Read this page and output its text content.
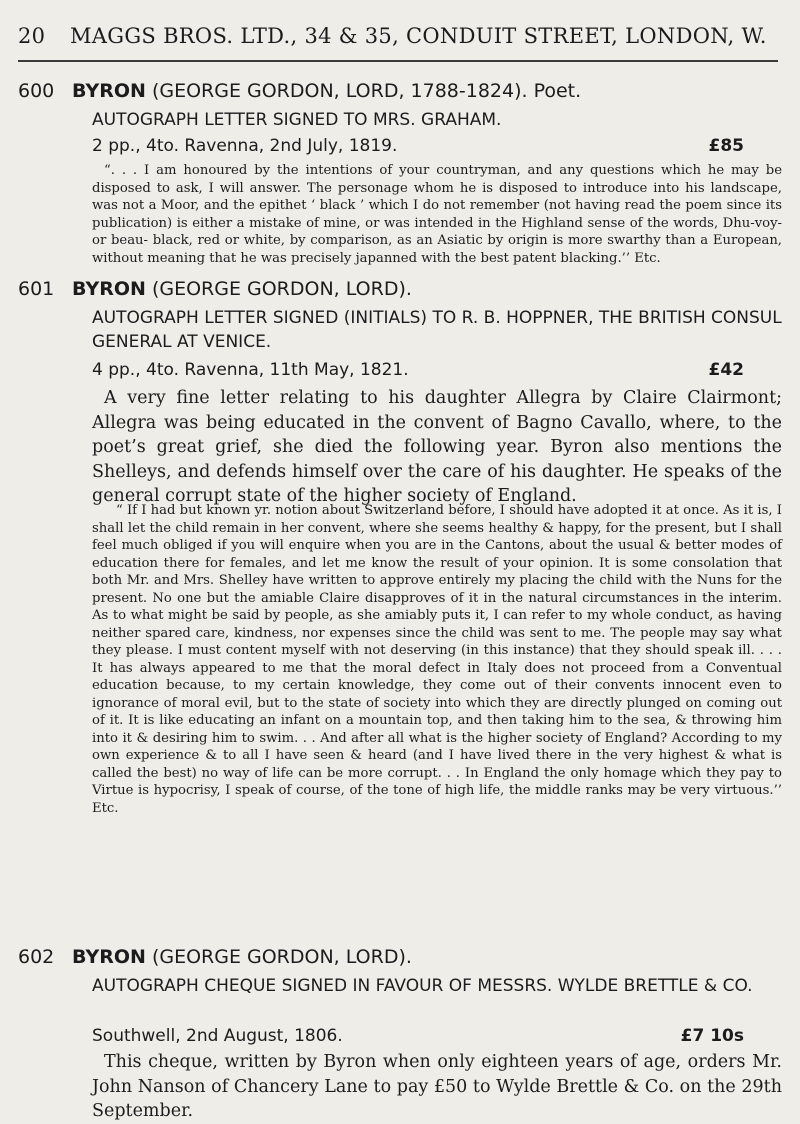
20	MAGGS BROS. LTD., 34 & 35, CONDUIT STREET, LONDON, W.
600 BYRON (GEORGE GORDON, LORD, 1788-1824). Poet.
AUTOGRAPH LETTER SIGNED TO MRS. GRAHAM.
2 pp., 4to. Ravenna, 2nd July, 1819.	£85
“. . . I am honoured by the intentions of your countryman, and any questions which he may be disposed to ask, I will answer. The personage whom he is disposed to introduce into his landscape, was not a Moor, and the epithet ‘ black ’ which I do not remember (not having read the poem since its publication) is either a mistake of mine, or was intended in the Highland sense of the words, Dhu-voy- or beau- black, red or white, by comparison, as an Asiatic by origin is more swarthy than a European, without meaning that he was precisely japanned with the best patent blacking.’’ Etc.
601 BYRON (GEORGE GORDON, LORD).
AUTOGRAPH LETTER SIGNED (INITIALS) TO R. B. HOPPNER, THE BRITISH CONSUL GENERAL AT VENICE.
4 pp., 4to. Ravenna, 11th May, 1821.	£42
A very fine letter relating to his daughter Allegra by Claire Clairmont; Allegra was being educated in the convent of Bagno Cavallo, where, to the poet’s great grief, she died the following year. Byron also mentions the Shelleys, and defends himself over the care of his daughter. He speaks of the general corrupt state of the higher society of England.
“ If I had but known yr. notion about Switzerland before, I should have adopted it at once. As it is, I shall let the child remain in her convent, where she seems healthy & happy, for the present, but I shall feel much obliged if you will enquire when you are in the Cantons, about the usual & better modes of education there for females, and let me know the result of your opinion. It is some consolation that both Mr. and Mrs. Shelley have written to approve entirely my placing the child with the Nuns for the present. No one but the amiable Claire disapproves of it in the natural circumstances in the interim. As to what might be said by people, as she amiably puts it, I can refer to my whole conduct, as having neither spared care, kindness, nor expenses since the child was sent to me. The people may say what they please. I must content myself with not deserving (in this instance) that they should speak ill. . . . It has always appeared to me that the moral defect in Italy does not proceed from a Conventual education because, to my certain knowledge, they come out of their convents innocent even to ignorance of moral evil, but to the state of society into which they are directly plunged on coming out of it. It is like educating an infant on a mountain top, and then taking him to the sea, & throwing him into it & desiring him to swim. . . And after all what is the higher society of England? According to my own experience & to all I have seen & heard (and I have lived there in the very highest & what is called the best) no way of life can be more corrupt. . . In England the only homage which they pay to Virtue is hypocrisy, I speak of course, of the tone of high life, the middle ranks may be very virtuous.’’ Etc.
602 BYRON (GEORGE GORDON, LORD).
AUTOGRAPH CHEQUE SIGNED IN FAVOUR OF MESSRS. WYLDE BRETTLE & CO.
Southwell, 2nd August, 1806.	£7 10s
This cheque, written by Byron when only eighteen years of age, orders Mr. John Nanson of Chancery Lane to pay £50 to Wylde Brettle & Co. on the 29th September.
